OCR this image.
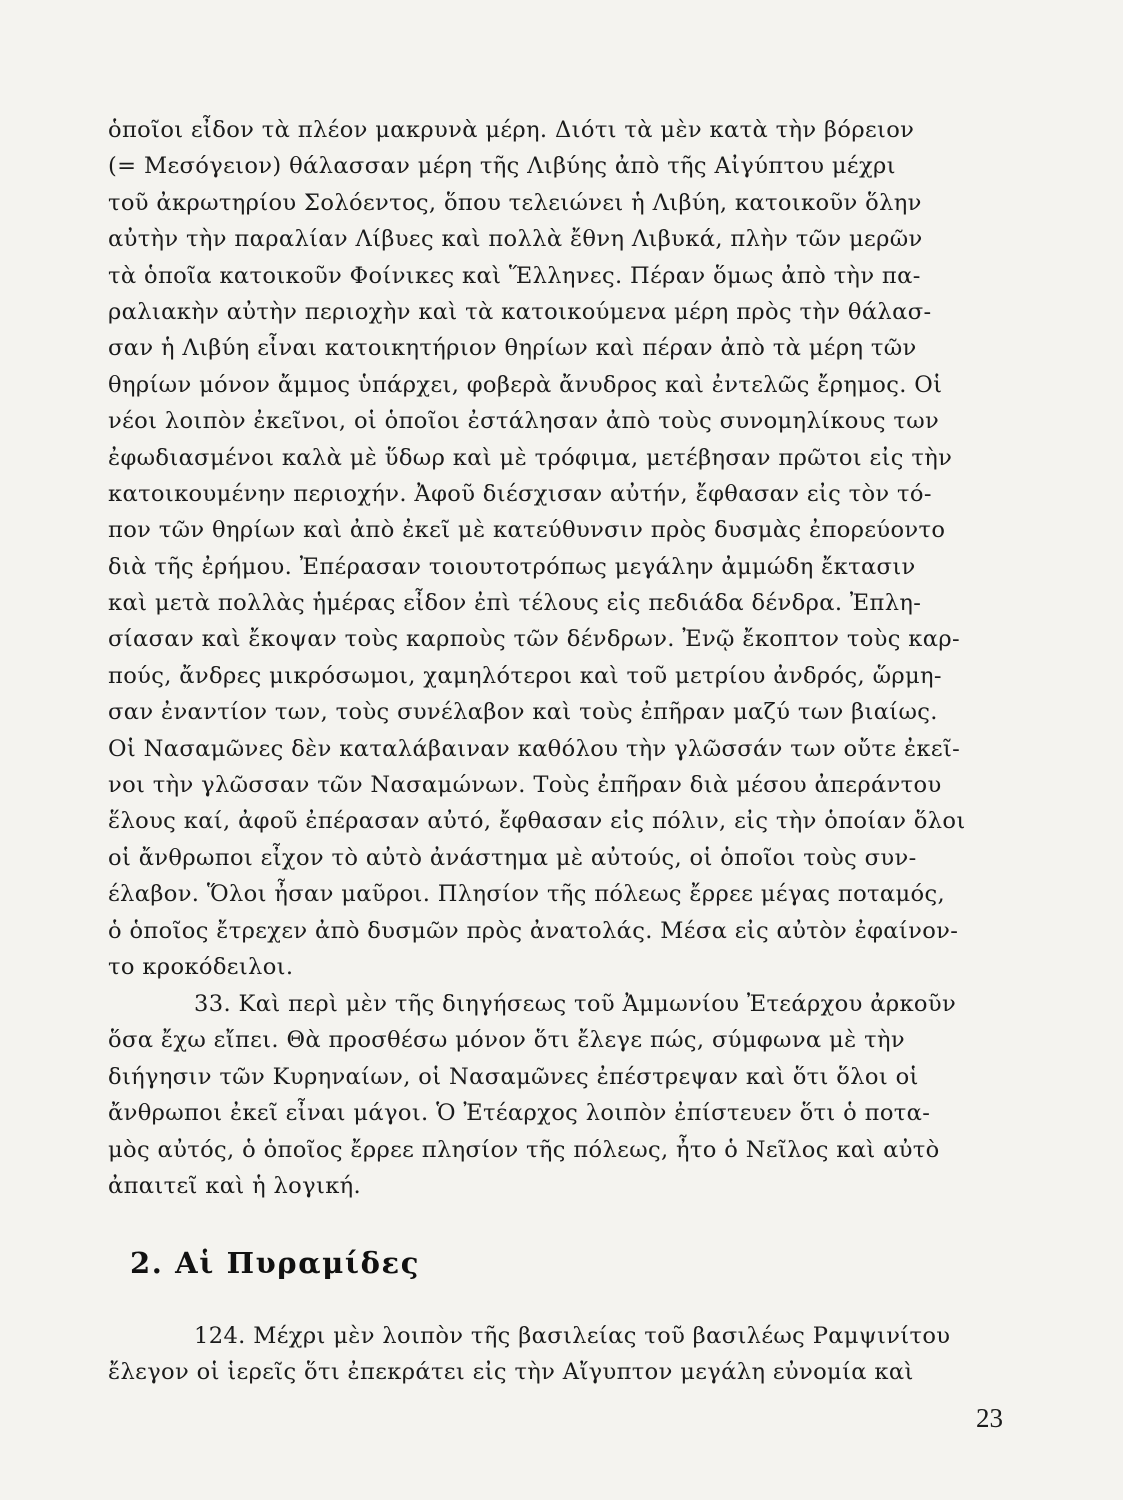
ὁποῖοι εἶδον τὰ πλέον μακρυνὰ μέρη. Διότι τὰ μὲν κατὰ τὴν βόρειον
(= Μεσόγειον) θάλασσαν μέρη τῆς Λιβύης ἀπὸ τῆς Αἰγύπτου μέχρι
τοῦ ἀκρωτηρίου Σολόεντος, ὅπου τελειώνει ἡ Λιβύη, κατοικοῦν ὅλην
αὐτὴν τὴν παραλίαν Λίβυες καὶ πολλὰ ἔθνη Λιβυκά, πλὴν τῶν μερῶν
τὰ ὁποῖα κατοικοῦν Φοίνικες καὶ Ἕλληνες. Πέραν ὅμως ἀπὸ τὴν πα-
ραλιακὴν αὐτὴν περιοχὴν καὶ τὰ κατοικούμενα μέρη πρὸς τὴν θάλασ-
σαν ἡ Λιβύη εἶναι κατοικητήριον θηρίων καὶ πέραν ἀπὸ τὰ μέρη τῶν
θηρίων μόνον ἄμμος ὑπάρχει, φοβερὰ ἄνυδρος καὶ ἐντελῶς ἔρημος. Οἱ
νέοι λοιπὸν ἐκεῖνοι, οἱ ὁποῖοι ἐστάλησαν ἀπὸ τοὺς συνομηλίκους των
ἐφωδιασμένοι καλὰ μὲ ὕδωρ καὶ μὲ τρόφιμα, μετέβησαν πρῶτοι εἰς τὴν
κατοικουμένην περιοχήν. Ἀφοῦ διέσχισαν αὐτήν, ἔφθασαν εἰς τὸν τό-
πον τῶν θηρίων καὶ ἀπὸ ἐκεῖ μὲ κατεύθυνσιν πρὸς δυσμὰς ἐπορεύοντο
διὰ τῆς ἐρήμου. Ἐπέρασαν τοιουτοτρόπως μεγάλην ἀμμώδη ἔκτασιν
καὶ μετὰ πολλὰς ἡμέρας εἶδον ἐπὶ τέλους εἰς πεδιάδα δένδρα. Ἐπλη-
σίασαν καὶ ἔκοψαν τοὺς καρποὺς τῶν δένδρων. Ἐνῷ ἔκοπτον τοὺς καρ-
πούς, ἄνδρες μικρόσωμοι, χαμηλότεροι καὶ τοῦ μετρίου ἀνδρός, ὥρμη-
σαν ἐναντίον των, τοὺς συνέλαβον καὶ τοὺς ἐπῆραν μαζύ των βιαίως.
Οἱ Νασαμῶνες δὲν καταλάβαιναν καθόλου τὴν γλῶσσάν των οὔτε ἐκεῖ-
νοι τὴν γλῶσσαν τῶν Νασαμώνων. Τοὺς ἐπῆραν διὰ μέσου ἀπεράντου
ἕλους καί, ἀφοῦ ἐπέρασαν αὐτό, ἔφθασαν εἰς πόλιν, εἰς τὴν ὁποίαν ὅλοι
οἱ ἄνθρωποι εἶχον τὸ αὐτὸ ἀνάστημα μὲ αὐτούς, οἱ ὁποῖοι τοὺς συν-
έλαβον. Ὅλοι ἦσαν μαῦροι. Πλησίον τῆς πόλεως ἔρρεε μέγας ποταμός,
ὁ ὁποῖος ἔτρεχεν ἀπὸ δυσμῶν πρὸς ἀνατολάς. Μέσα εἰς αὐτὸν ἐφαίνον-
το κροκόδειλοι.
33. Καὶ περὶ μὲν τῆς διηγήσεως τοῦ Ἀμμωνίου Ἐτεάρχου ἀρκοῦν
ὅσα ἔχω εἴπει. Θὰ προσθέσω μόνον ὅτι ἔλεγε πώς, σύμφωνα μὲ τὴν
διήγησιν τῶν Κυρηναίων, οἱ Νασαμῶνες ἐπέστρεψαν καὶ ὅτι ὅλοι οἱ
ἄνθρωποι ἐκεῖ εἶναι μάγοι. Ὁ Ἐτέαρχος λοιπὸν ἐπίστευεν ὅτι ὁ ποτα-
μὸς αὐτός, ὁ ὁποῖος ἔρρεε πλησίον τῆς πόλεως, ἦτο ὁ Νεῖλος καὶ αὐτὸ
ἀπαιτεῖ καὶ ἡ λογική.
2. Αἱ Πυραμίδες
124. Μέχρι μὲν λοιπὸν τῆς βασιλείας τοῦ βασιλέως Ραμψινίτου
ἔλεγον οἱ ἱερεῖς ὅτι ἐπεκράτει εἰς τὴν Αἴγυπτον μεγάλη εὐνομία καὶ
23
